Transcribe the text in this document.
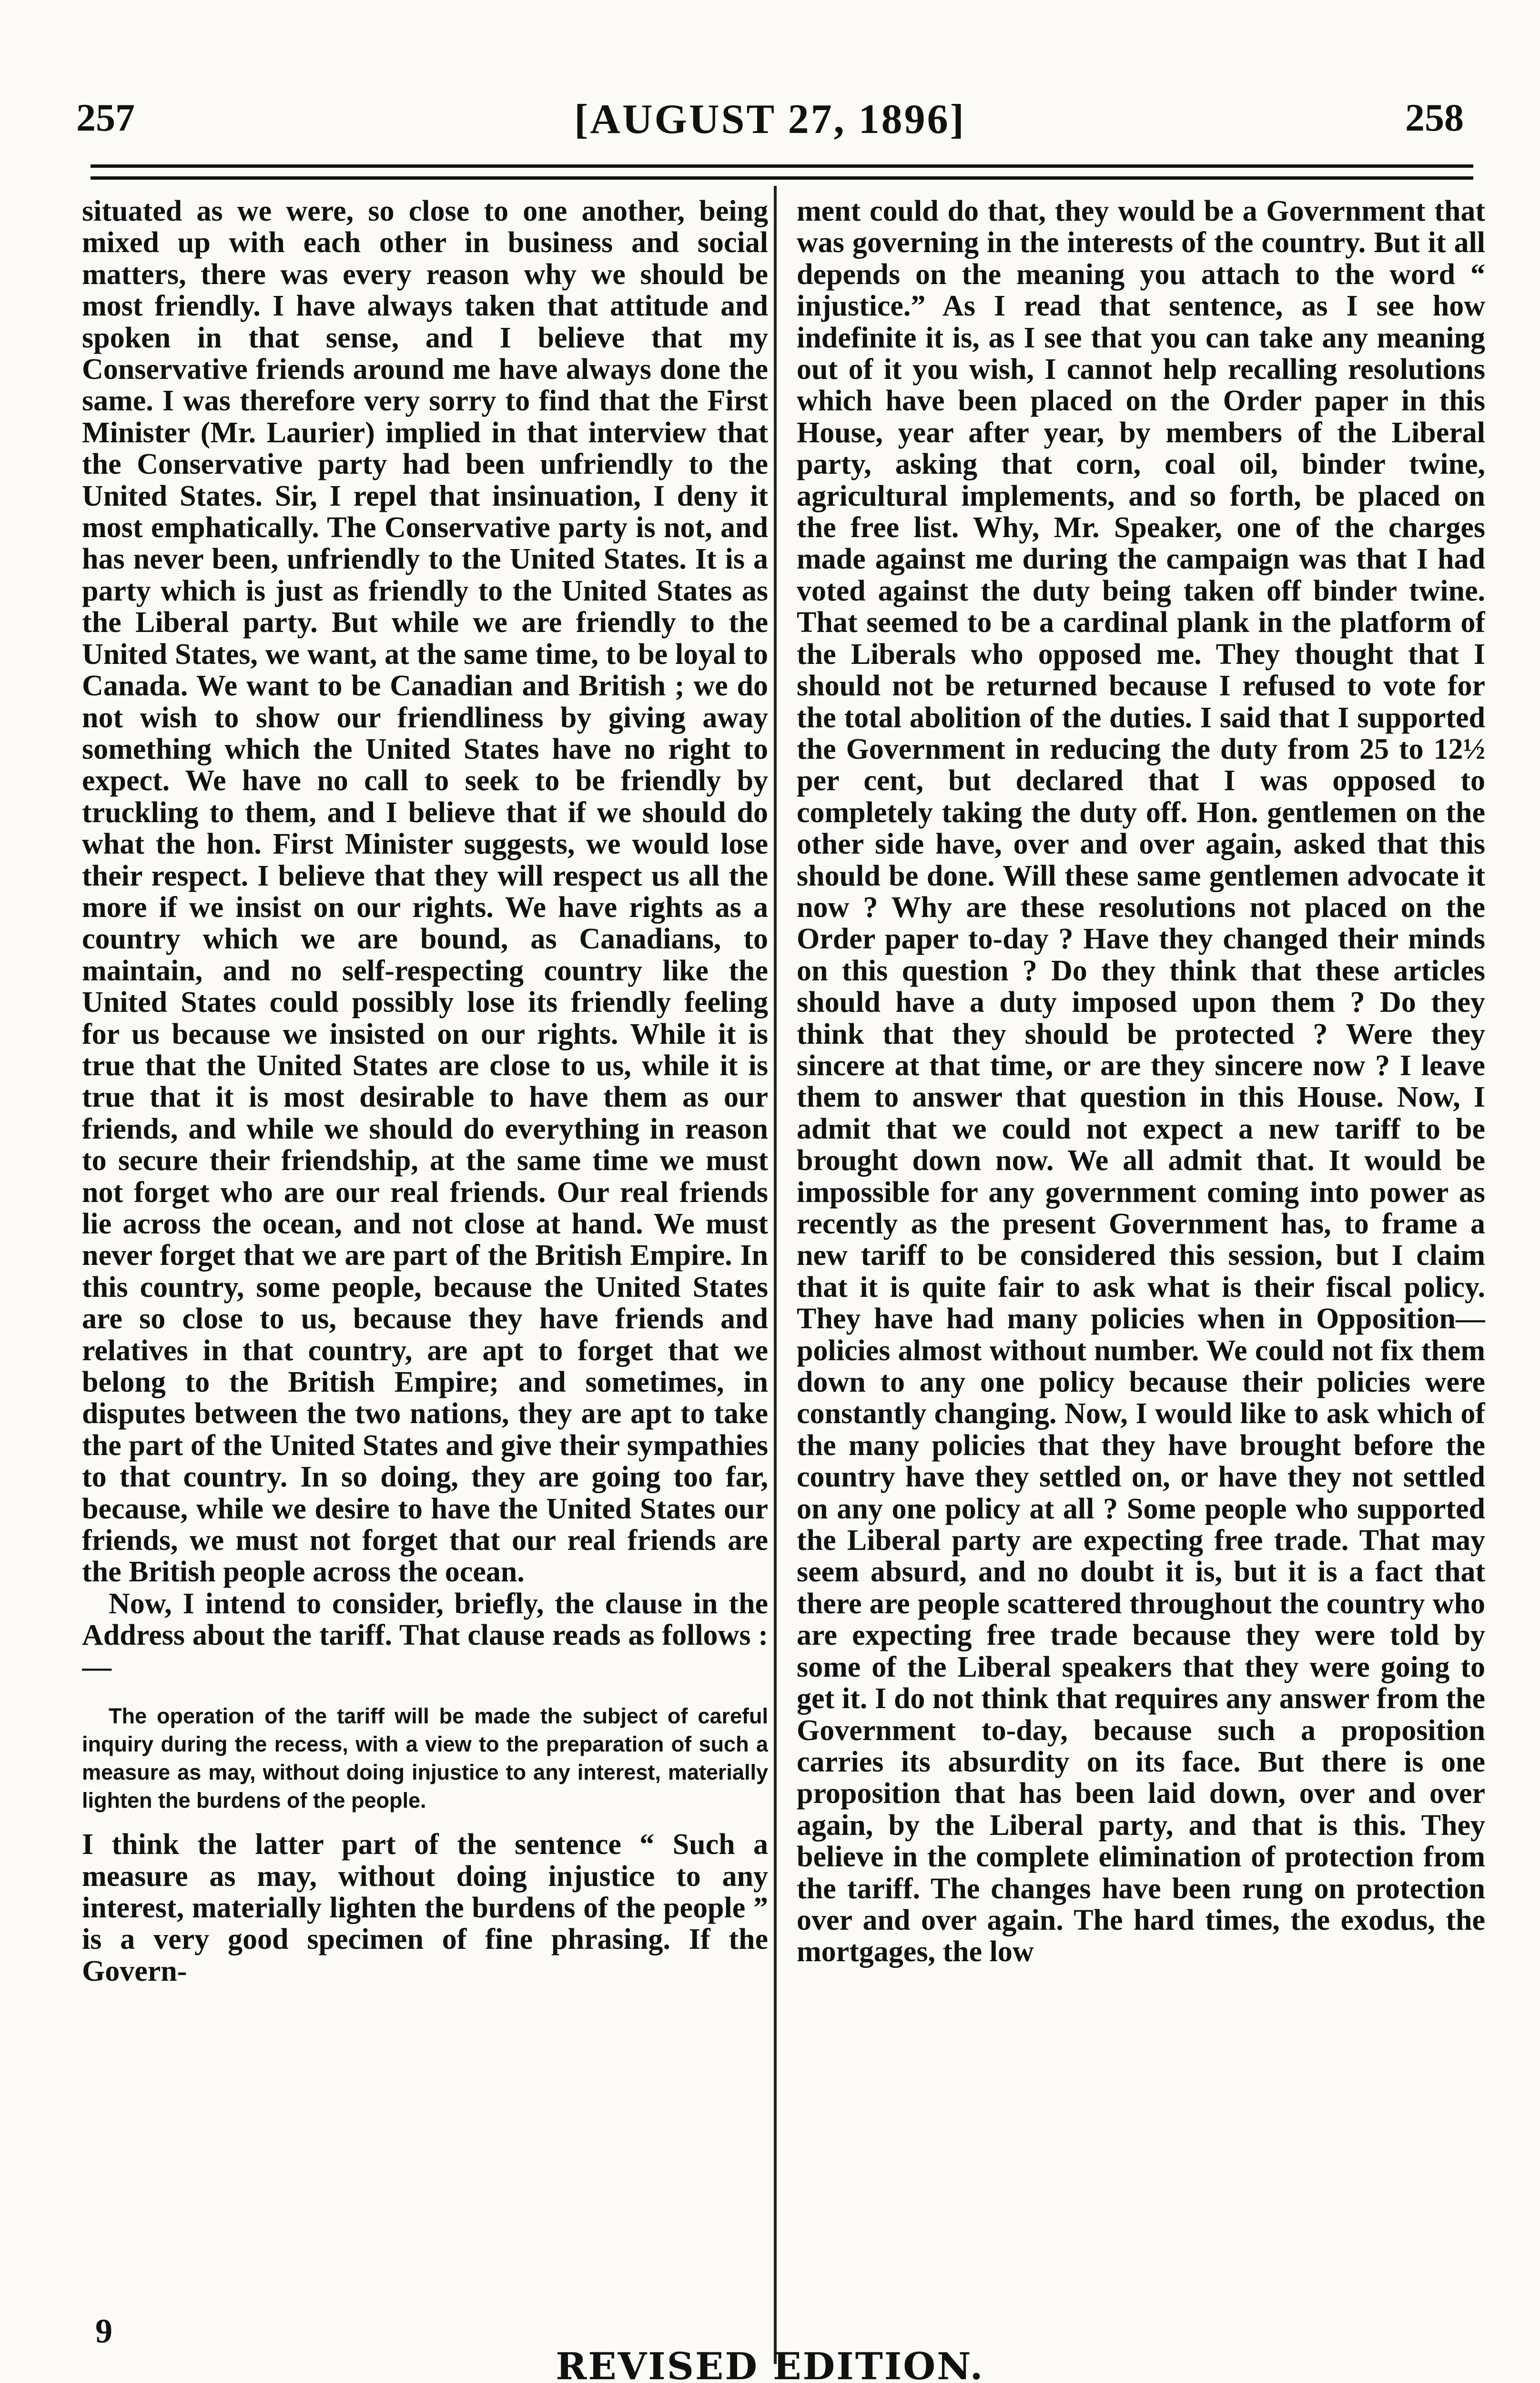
257	[AUGUST 27, 1896]	258

situated as we were, so close to one another, being mixed up with each other in business and social matters, there was every reason why we should be most friendly. I have always taken that attitude and spoken in that sense, and I believe that my Conservative friends around me have always done the same. I was therefore very sorry to find that the First Minister (Mr. Laurier) implied in that interview that the Conservative party had been unfriendly to the United States. Sir, I repel that insinuation, I deny it most emphatically. The Conservative party is not, and has never been, unfriendly to the United States. It is a party which is just as friendly to the United States as the Liberal party. But while we are friendly to the United States, we want, at the same time, to be loyal to Canada. We want to be Canadian and British ; we do not wish to show our friendliness by giving away something which the United States have no right to expect. We have no call to seek to be friendly by truckling to them, and I believe that if we should do what the hon. First Minister suggests, we would lose their respect. I believe that they will respect us all the more if we insist on our rights. We have rights as a country which we are bound, as Canadians, to maintain, and no self-respecting country like the United States could possibly lose its friendly feeling for us because we insisted on our rights. While it is true that the United States are close to us, while it is true that it is most desirable to have them as our friends, and while we should do everything in reason to secure their friendship, at the same time we must not forget who are our real friends. Our real friends lie across the ocean, and not close at hand. We must never forget that we are part of the British Empire. In this country, some people, because the United States are so close to us, because they have friends and relatives in that country, are apt to forget that we belong to the British Empire; and sometimes, in disputes between the two nations, they are apt to take the part of the United States and give their sympathies to that country. In so doing, they are going too far, because, while we desire to have the United States our friends, we must not forget that our real friends are the British people across the ocean.

Now, I intend to consider, briefly, the clause in the Address about the tariff. That clause reads as follows :—

The operation of the tariff will be made the subject of careful inquiry during the recess, with a view to the preparation of such a measure as may, without doing injustice to any interest, materially lighten the burdens of the people.

I think the latter part of the sentence “ Such a measure as may, without doing injustice to any interest, materially lighten the burdens of the people ” is a very good specimen of fine phrasing. If the Govern-

ment could do that, they would be a Government that was governing in the interests of the country. But it all depends on the meaning you attach to the word “ injustice.” As I read that sentence, as I see how indefinite it is, as I see that you can take any meaning out of it you wish, I cannot help recalling resolutions which have been placed on the Order paper in this House, year after year, by members of the Liberal party, asking that corn, coal oil, binder twine, agricultural implements, and so forth, be placed on the free list. Why, Mr. Speaker, one of the charges made against me during the campaign was that I had voted against the duty being taken off binder twine. That seemed to be a cardinal plank in the platform of the Liberals who opposed me. They thought that I should not be returned because I refused to vote for the total abolition of the duties. I said that I supported the Government in reducing the duty from 25 to 12½ per cent, but declared that I was opposed to completely taking the duty off. Hon. gentlemen on the other side have, over and over again, asked that this should be done. Will these same gentlemen advocate it now ? Why are these resolutions not placed on the Order paper to-day ? Have they changed their minds on this question ? Do they think that these articles should have a duty imposed upon them ? Do they think that they should be protected ? Were they sincere at that time, or are they sincere now ? I leave them to answer that question in this House. Now, I admit that we could not expect a new tariff to be brought down now. We all admit that. It would be impossible for any government coming into power as recently as the present Government has, to frame a new tariff to be considered this session, but I claim that it is quite fair to ask what is their fiscal policy. They have had many policies when in Opposition—policies almost without number. We could not fix them down to any one policy because their policies were constantly changing. Now, I would like to ask which of the many policies that they have brought before the country have they settled on, or have they not settled on any one policy at all ? Some people who supported the Liberal party are expecting free trade. That may seem absurd, and no doubt it is, but it is a fact that there are people scattered throughout the country who are expecting free trade because they were told by some of the Liberal speakers that they were going to get it. I do not think that requires any answer from the Government to-day, because such a proposition carries its absurdity on its face. But there is one proposition that has been laid down, over and over again, by the Liberal party, and that is this. They believe in the complete elimination of protection from the tariff. The changes have been rung on protection over and over again. The hard times, the exodus, the mortgages, the low

9
REVISED EDITION.
